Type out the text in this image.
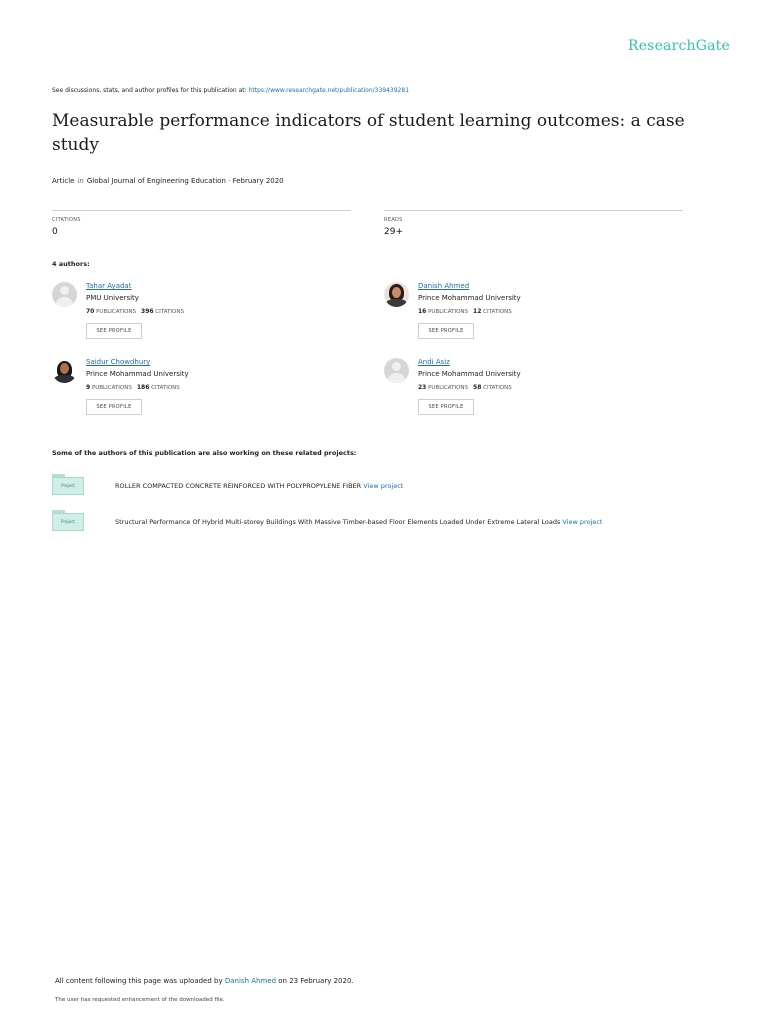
ResearchGate
See discussions, stats, and author profiles for this publication at: https://www.researchgate.net/publication/339439281
Measurable performance indicators of student learning outcomes: a case study
Article in Global Journal of Engineering Education · February 2020
CITATIONS
0
READS
29+
4 authors:
Tahar Ayadat
PMU University
70 PUBLICATIONS 396 CITATIONS
SEE PROFILE
Danish Ahmed
Prince Mohammad University
16 PUBLICATIONS 12 CITATIONS
SEE PROFILE
Saidur Chowdhury
Prince Mohammad University
9 PUBLICATIONS 186 CITATIONS
SEE PROFILE
Andi Asiz
Prince Mohammad University
23 PUBLICATIONS 58 CITATIONS
SEE PROFILE
Some of the authors of this publication are also working on these related projects:
Project	ROLLER COMPACTED CONCRETE REINFORCED WITH POLYPROPYLENE FIBER View project
Project	Structural Performance Of Hybrid Multi-storey Buildings With Massive Timber-based Floor Elements Loaded Under Extreme Lateral Loads View project
All content following this page was uploaded by Danish Ahmed on 23 February 2020.
The user has requested enhancement of the downloaded file.
